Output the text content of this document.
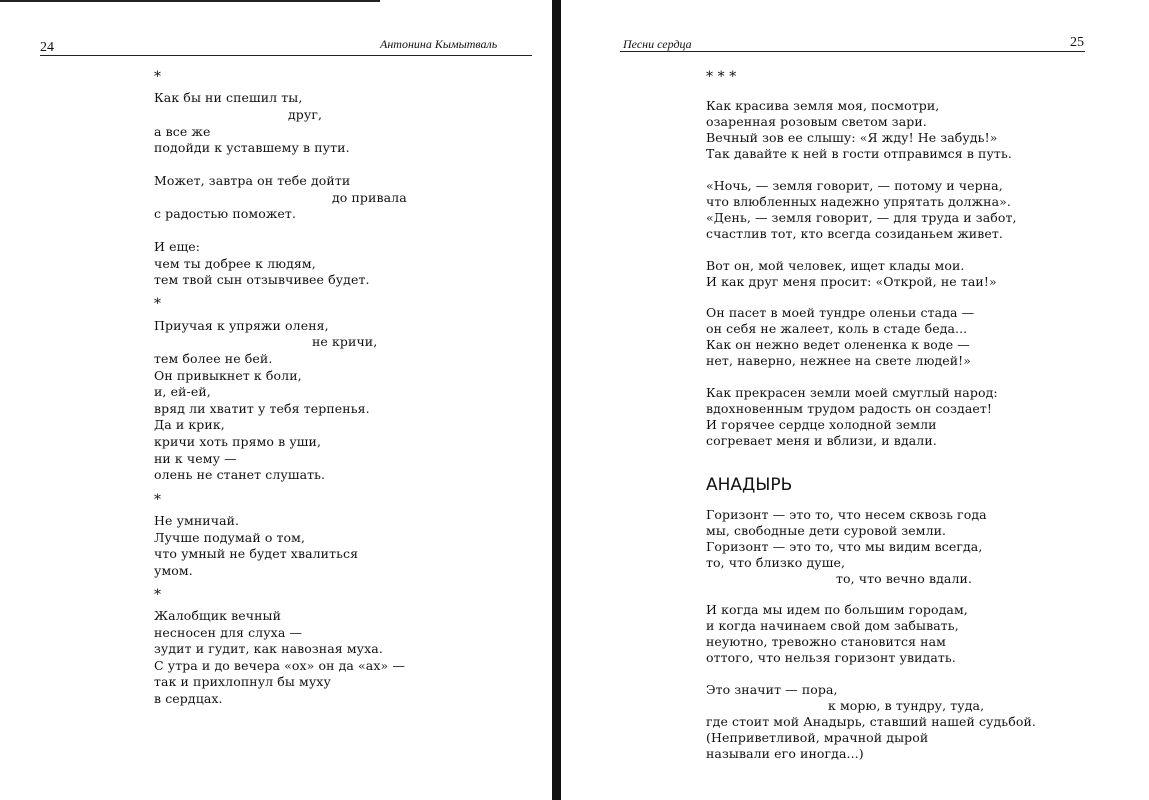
24	Антонина Кымытваль
*
Как бы ни спешил ты,
друг,
а все же
подойди к уставшему в пути.
Может, завтра он тебе дойти
до привала
с радостью поможет.
И еще:
чем ты добрее к людям,
тем твой сын отзывчивее будет.
*
Приучая к упряжи оленя,
не кричи,
тем более не бей.
Он привыкнет к боли,
и, ей-ей,
вряд ли хватит у тебя терпенья.
Да и крик,
кричи хоть прямо в уши,
ни к чему —
олень не станет слушать.
*
Не умничай.
Лучше подумай о том,
что умный не будет хвалиться
умом.
*
Жалобщик вечный
несносен для слуха —
зудит и гудит, как навозная муха.
С утра и до вечера «ох» он да «ах» —
так и прихлопнул бы муху
в сердцах.
Песни сердца	25
* * *
Как красива земля моя, посмотри,
озаренная розовым светом зари.
Вечный зов ее слышу: «Я жду! Не забудь!»
Так давайте к ней в гости отправимся в путь.
«Ночь, — земля говорит, — потому и черна,
что влюбленных надежно упрятать должна».
«День, — земля говорит, — для труда и забот,
счастлив тот, кто всегда созиданьем живет.
Вот он, мой человек, ищет клады мои.
И как друг меня просит: «Открой, не таи!»
Он пасет в моей тундре оленьи стада —
он себя не жалеет, коль в стаде беда...
Как он нежно ведет олененка к воде —
нет, наверно, нежнее на свете людей!»
Как прекрасен земли моей смуглый народ:
вдохновенным трудом радость он создает!
И горячее сердце холодной земли
согревает меня и вблизи, и вдали.
АНАДЫРЬ
Горизонт — это то, что несем сквозь года
мы, свободные дети суровой земли.
Горизонт — это то, что мы видим всегда,
то, что близко душе,
то, что вечно вдали.
И когда мы идем по большим городам,
и когда начинаем свой дом забывать,
неуютно, тревожно становится нам
оттого, что нельзя горизонт увидать.
Это значит — пора,
к морю, в тундру, туда,
где стоит мой Анадырь, ставший нашей судьбой.
(Неприветливой, мрачной дырой
называли его иногда...)
